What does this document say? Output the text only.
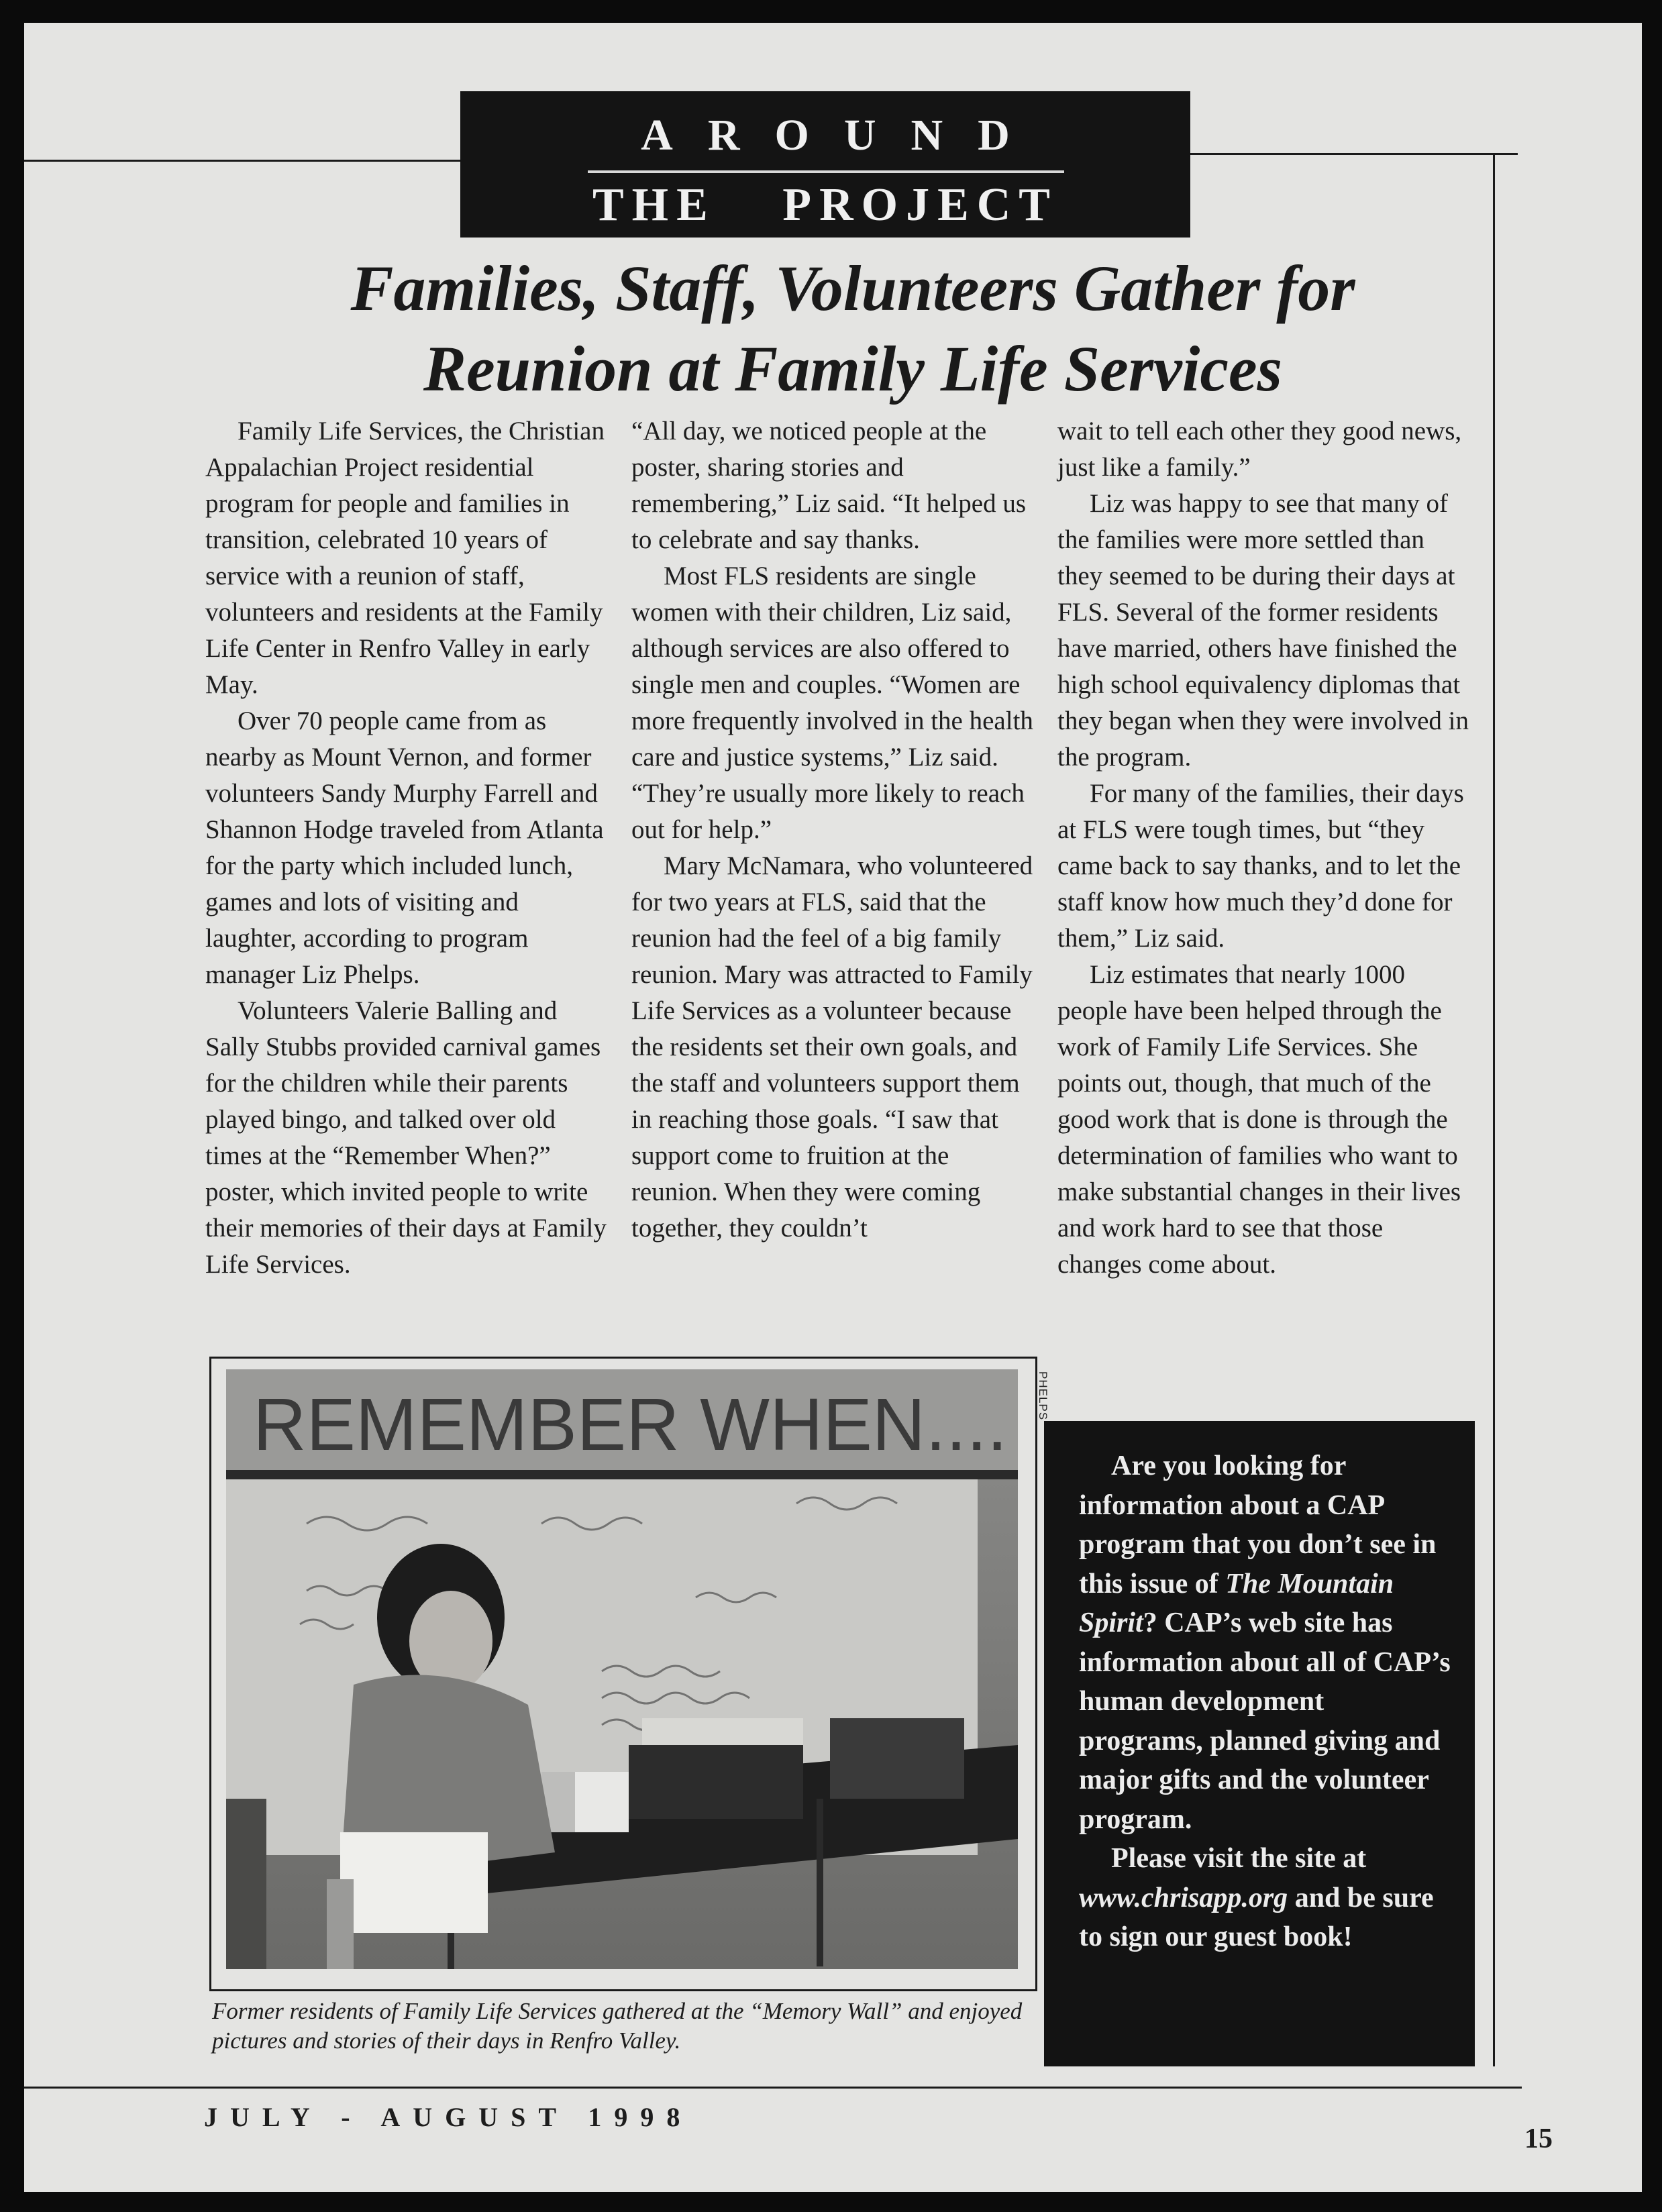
AROUND
THE PROJECT
Families, Staff, Volunteers Gather for
Reunion at Family Life Services

Family Life Services, the Christian Appalachian Project residential program for people and families in transition, celebrated 10 years of service with a reunion of staff, volunteers and residents at the Family Life Center in Renfro Valley in early May.

Over 70 people came from as nearby as Mount Vernon, and former volunteers Sandy Murphy Farrell and Shannon Hodge traveled from Atlanta for the party which included lunch, games and lots of visiting and laughter, according to program manager Liz Phelps.

Volunteers Valerie Balling and Sally Stubbs provided carnival games for the children while their parents played bingo, and talked over old times at the “Remember When?” poster, which invited people to write their memories of their days at Family Life Services.

“All day, we noticed people at the poster, sharing stories and remembering,” Liz said. “It helped us to celebrate and say thanks.

Most FLS residents are single women with their children, Liz said, although services are also offered to single men and couples. “Women are more frequently involved in the health care and justice systems,” Liz said. “They’re usually more likely to reach out for help.”

Mary McNamara, who volunteered for two years at FLS, said that the reunion had the feel of a big family reunion. Mary was attracted to Family Life Services as a volunteer because the residents set their own goals, and the staff and volunteers support them in reaching those goals. “I saw that support come to fruition at the reunion. When they were coming together, they couldn’t

wait to tell each other they good news, just like a family.”

Liz was happy to see that many of the families were more settled than they seemed to be during their days at FLS. Several of the former residents have married, others have finished the high school equivalency diplomas that they began when they were involved in the program.

For many of the families, their days at FLS were tough times, but “they came back to say thanks, and to let the staff know how much they’d done for them,” Liz said.

Liz estimates that nearly 1000 people have been helped through the work of Family Life Services. She points out, though, that much of the good work that is done is through the determination of families who want to make substantial changes in their lives and work hard to see that those changes come about.

REMEMBER WHEN....	PHELPS
Former residents of Family Life Services gathered at the “Memory Wall” and enjoyed pictures and stories of their days in Renfro Valley.

Are you looking for information about a CAP program that you don’t see in this issue of The Mountain Spirit? CAP’s web site has information about all of CAP’s human development programs, planned giving and major gifts and the volunteer program.

Please visit the site at www.chrisapp.org and be sure to sign our guest book!

JULY - AUGUST 1998
15
